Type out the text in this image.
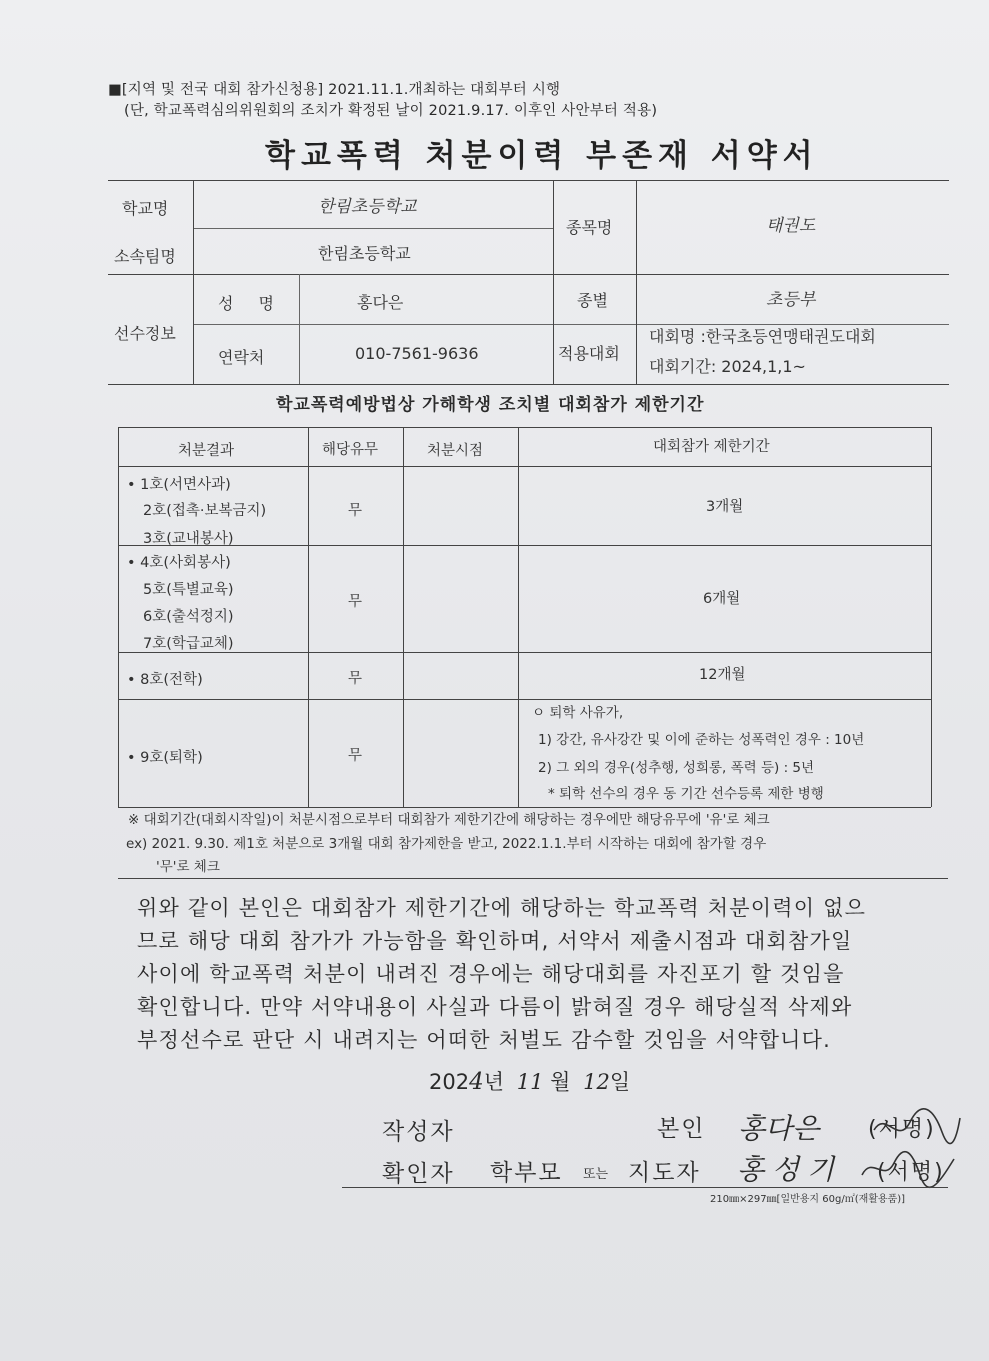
■[지역 및 전국 대회 참가신청용] 2021.11.1.개최하는 대회부터 시행
(단, 학교폭력심의위원회의 조치가 확정된 날이 2021.9.17. 이후인 사안부터 적용)
학교폭력 처분이력 부존재 서약서
학교명	한림초등학교
소속팀명	한림초등학교
종목명	태권도
선수정보
성 명	홍다은	종별	초등부
연락처	010-7561-9636	적용대회
대회명 :한국초등연맹태권도대회
대회기간: 2024,1,1~
학교폭력예방법상 가해학생 조치별 대회참가 제한기간
처분결과	해당유무	처분시점	대회참가 제한기간
• 1호(서면사과)
2호(접촉·보복금지)
3호(교내봉사)
무	3개월
• 4호(사회봉사)
5호(특별교육)
6호(출석정지)
7호(학급교체)
무	6개월
• 8호(전학)	무	12개월
• 9호(퇴학)	무
ㅇ 퇴학 사유가,
1) 강간, 유사강간 및 이에 준하는 성폭력인 경우 : 10년
2) 그 외의 경우(성추행, 성희롱, 폭력 등) : 5년
* 퇴학 선수의 경우 동 기간 선수등록 제한 병행
※ 대회기간(대회시작일)이 처분시점으로부터 대회참가 제한기간에 해당하는 경우에만 해당유무에 '유'로 체크
ex) 2021. 9.30. 제1호 처분으로 3개월 대회 참가제한을 받고, 2022.1.1.부터 시작하는 대회에 참가할 경우
'무'로 체크
위와 같이 본인은 대회참가 제한기간에 해당하는 학교폭력 처분이력이 없으
므로 해당 대회 참가가 가능함을 확인하며, 서약서 제출시점과 대회참가일
사이에 학교폭력 처분이 내려진 경우에는 해당대회를 자진포기 할 것임을
확인합니다. 만약 서약내용이 사실과 다름이 밝혀질 경우 해당실적 삭제와
부정선수로 판단 시 내려지는 어떠한 처벌도 감수할 것임을 서약합니다.
2024년 11 월 12일
작성자	본인 홍다은 (서명)
확인자 학부모 또는 지도자 홍성기 (서명)
210㎜×297㎜[일반용지 60g/㎡(재활용품)]
